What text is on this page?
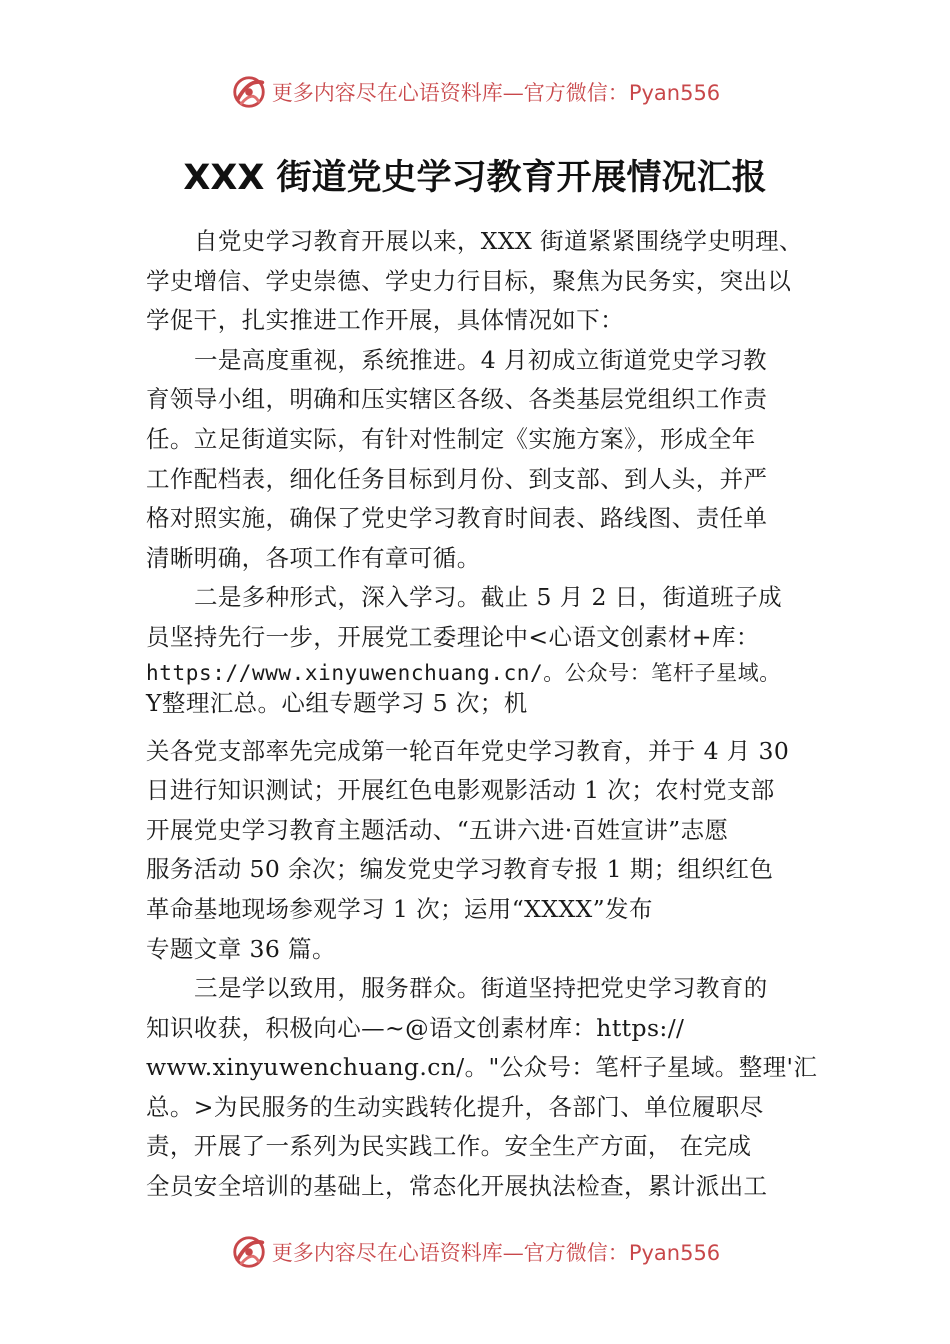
更多内容尽在心语资料库—官方微信：Pyan556
XXX 街道党史学习教育开展情况汇报
自党史学习教育开展以来，XXX 街道紧紧围绕学史明理、
学史增信、学史崇德、学史力行目标，聚焦为民务实，突出以
学促干，扎实推进工作开展，具体情况如下：
一是高度重视，系统推进。4 月初成立街道党史学习教
育领导小组，明确和压实辖区各级、各类基层党组织工作责
任。立足街道实际，有针对性制定《实施方案》，形成全年
工作配档表，细化任务目标到月份、到支部、到人头，并严
格对照实施，确保了党史学习教育时间表、路线图、责任单
清晰明确，各项工作有章可循。
二是多种形式，深入学习。截止 5 月 2 日，街道班子成
员坚持先行一步，开展党工委理论中<心语文创素材+库：
https://www.xinyuwenchuang.cn/。公众号：笔杆子星域。
Y整理汇总。心组专题学习 5 次；机
关各党支部率先完成第一轮百年党史学习教育，并于 4 月 30
日进行知识测试；开展红色电影观影活动 1 次；农村党支部
开展党史学习教育主题活动、“五讲六进·百姓宣讲”志愿
服务活动 50 余次；编发党史学习教育专报 1 期；组织红色
革命基地现场参观学习 1 次；运用“XXXX”发布
专题文章 36 篇。
三是学以致用，服务群众。街道坚持把党史学习教育的
知识收获，积极向心—~@语文创素材库：https://
www.xinyuwenchuang.cn/。"公众号：笔杆子星域。整理'汇
总。>为民服务的生动实践转化提升，各部门、单位履职尽
责，开展了一系列为民实践工作。安全生产方面， 在完成
全员安全培训的基础上，常态化开展执法检查，累计派出工
更多内容尽在心语资料库—官方微信：Pyan556
